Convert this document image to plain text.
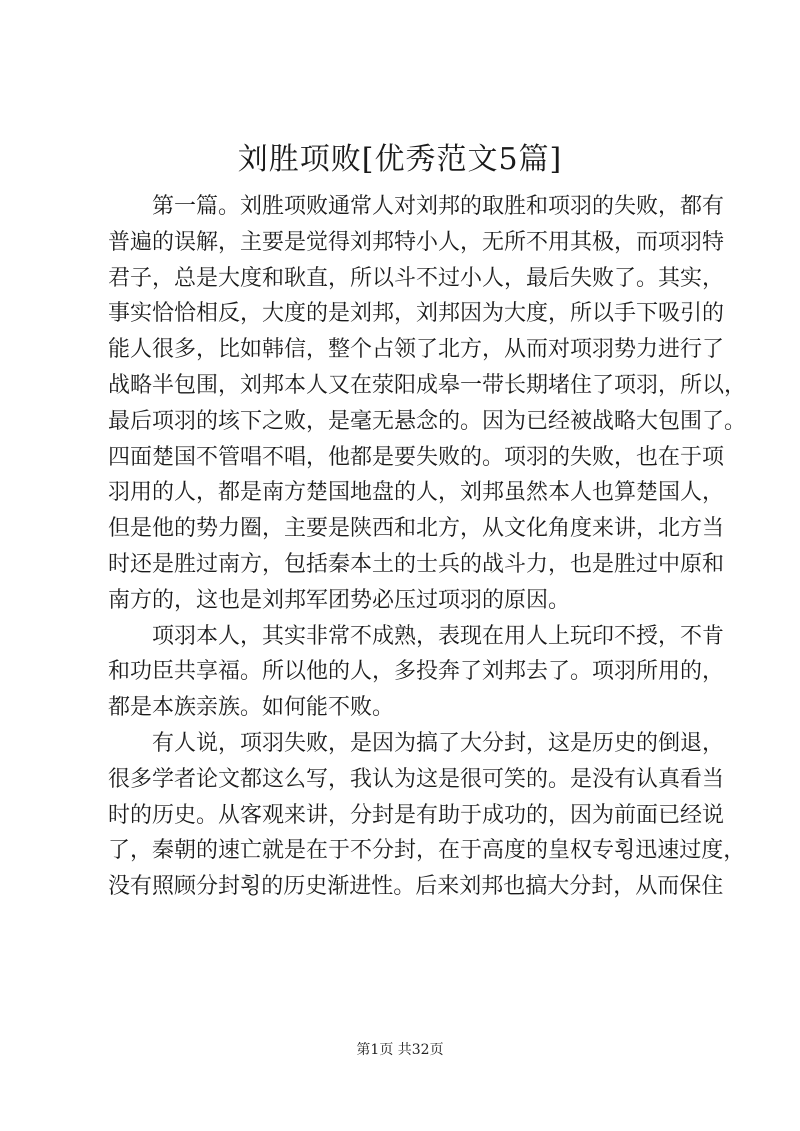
刘胜项败[优秀范文5篇]
第一篇。刘胜项败通常人对刘邦的取胜和项羽的失败，都有
普遍的误解，主要是觉得刘邦特小人，无所不用其极，而项羽特
君子，总是大度和耿直，所以斗不过小人，最后失败了。其实，
事实恰恰相反，大度的是刘邦，刘邦因为大度，所以手下吸引的
能人很多，比如韩信，整个占领了北方，从而对项羽势力进行了
战略半包围，刘邦本人又在荥阳成皋一带长期堵住了项羽，所以，
最后项羽的垓下之败，是毫无悬念的。因为已经被战略大包围了。
四面楚国不管唱不唱，他都是要失败的。项羽的失败，也在于项
羽用的人，都是南方楚国地盘的人，刘邦虽然本人也算楚国人，
但是他的势力圈，主要是陕西和北方，从文化角度来讲，北方当
时还是胜过南方，包括秦本土的士兵的战斗力，也是胜过中原和
南方的，这也是刘邦军团势必压过项羽的原因。
项羽本人，其实非常不成熟，表现在用人上玩印不授，不肯
和功臣共享福。所以他的人，多投奔了刘邦去了。项羽所用的，
都是本族亲族。如何能不败。
有人说，项羽失败，是因为搞了大分封，这是历史的倒退，
很多学者论文都这么写，我认为这是很可笑的。是没有认真看当
时的历史。从客观来讲，分封是有助于成功的，因为前面已经说
了，秦朝的速亡就是在于不分封，在于高度的皇权专횡迅速过度，
没有照顾分封횡的历史渐进性。后来刘邦也搞大分封，从而保住
第1页 共32页
